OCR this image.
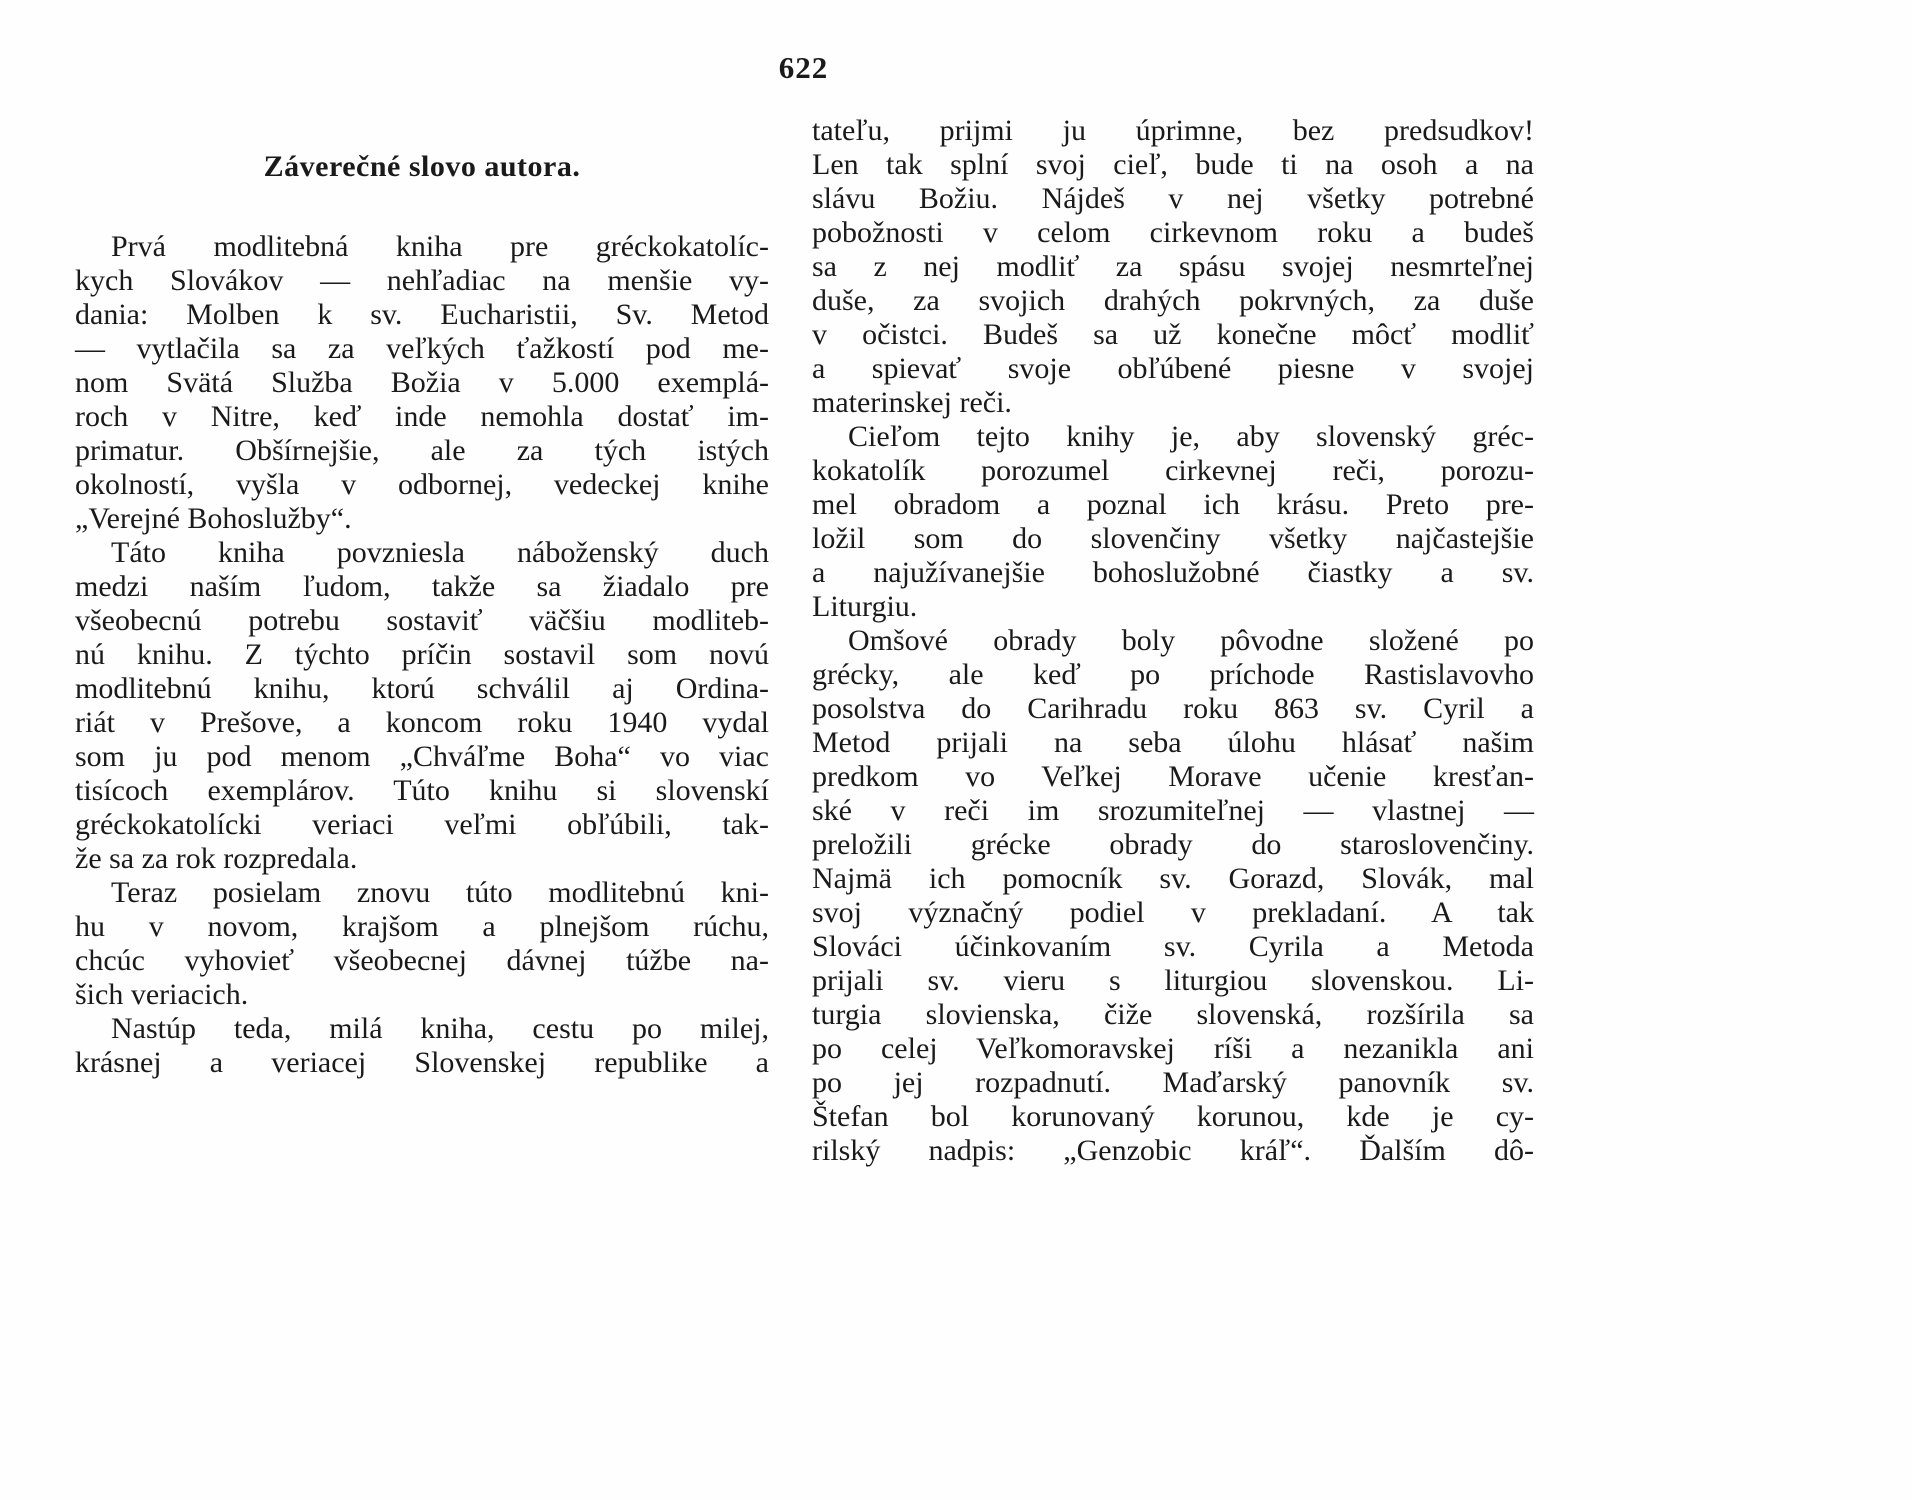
622
Záverečné slovo autora.
Prvá modlitebná kniha pre gréckokatolíc-
kych Slovákov — nehľadiac na menšie vy-
dania: Molben k sv. Eucharistii, Sv. Metod
— vytlačila sa za veľkých ťažkostí pod me-
nom Svätá Služba Božia v 5.000 exemplá-
roch v Nitre, keď inde nemohla dostať im-
primatur. Obšírnejšie, ale za tých istých
okolností, vyšla v odbornej, vedeckej knihe
„Verejné Bohoslužby“.
Táto kniha povzniesla náboženský duch
medzi naším ľudom, takže sa žiadalo pre
všeobecnú potrebu sostaviť väčšiu modliteb-
nú knihu. Z týchto príčin sostavil som novú
modlitebnú knihu, ktorú schválil aj Ordina-
riát v Prešove, a koncom roku 1940 vydal
som ju pod menom „Chváľme Boha“ vo viac
tisícoch exemplárov. Túto knihu si slovenskí
gréckokatolícki veriaci veľmi obľúbili, tak-
že sa za rok rozpredala.
Teraz posielam znovu túto modlitebnú kni-
hu v novom, krajšom a plnejšom rúchu,
chcúc vyhovieť všeobecnej dávnej túžbe na-
šich veriacich.
Nastúp teda, milá kniha, cestu po milej,
krásnej a veriacej Slovenskej republike a
tateľu, prijmi ju úprimne, bez predsudkov!
Len tak splní svoj cieľ, bude ti na osoh a na
slávu Božiu. Nájdeš v nej všetky potrebné
pobožnosti v celom cirkevnom roku a budeš
sa z nej modliť za spásu svojej nesmrteľnej
duše, za svojich drahých pokrvných, za duše
v očistci. Budeš sa už konečne môcť modliť
a spievať svoje obľúbené piesne v svojej
materinskej reči.
Cieľom tejto knihy je, aby slovenský gréc-
kokatolík porozumel cirkevnej reči, porozu-
mel obradom a poznal ich krásu. Preto pre-
ložil som do slovenčiny všetky najčastejšie
a najužívanejšie bohoslužobné čiastky a sv.
Liturgiu.
Omšové obrady boly pôvodne složené po
grécky, ale keď po príchode Rastislavovho
posolstva do Carihradu roku 863 sv. Cyril a
Metod prijali na seba úlohu hlásať našim
predkom vo Veľkej Morave učenie kresťan-
ské v reči im srozumiteľnej — vlastnej —
preložili grécke obrady do staroslovenčiny.
Najmä ich pomocník sv. Gorazd, Slovák, mal
svoj význačný podiel v prekladaní. A tak
Slováci účinkovaním sv. Cyrila a Metoda
prijali sv. vieru s liturgiou slovenskou. Li-
turgia slovienska, čiže slovenská, rozšírila sa
po celej Veľkomoravskej ríši a nezanikla ani
po jej rozpadnutí. Maďarský panovník sv.
Štefan bol korunovaný korunou, kde je cy-
rilský nadpis: „Genzobic kráľ“. Ďalším dô-
